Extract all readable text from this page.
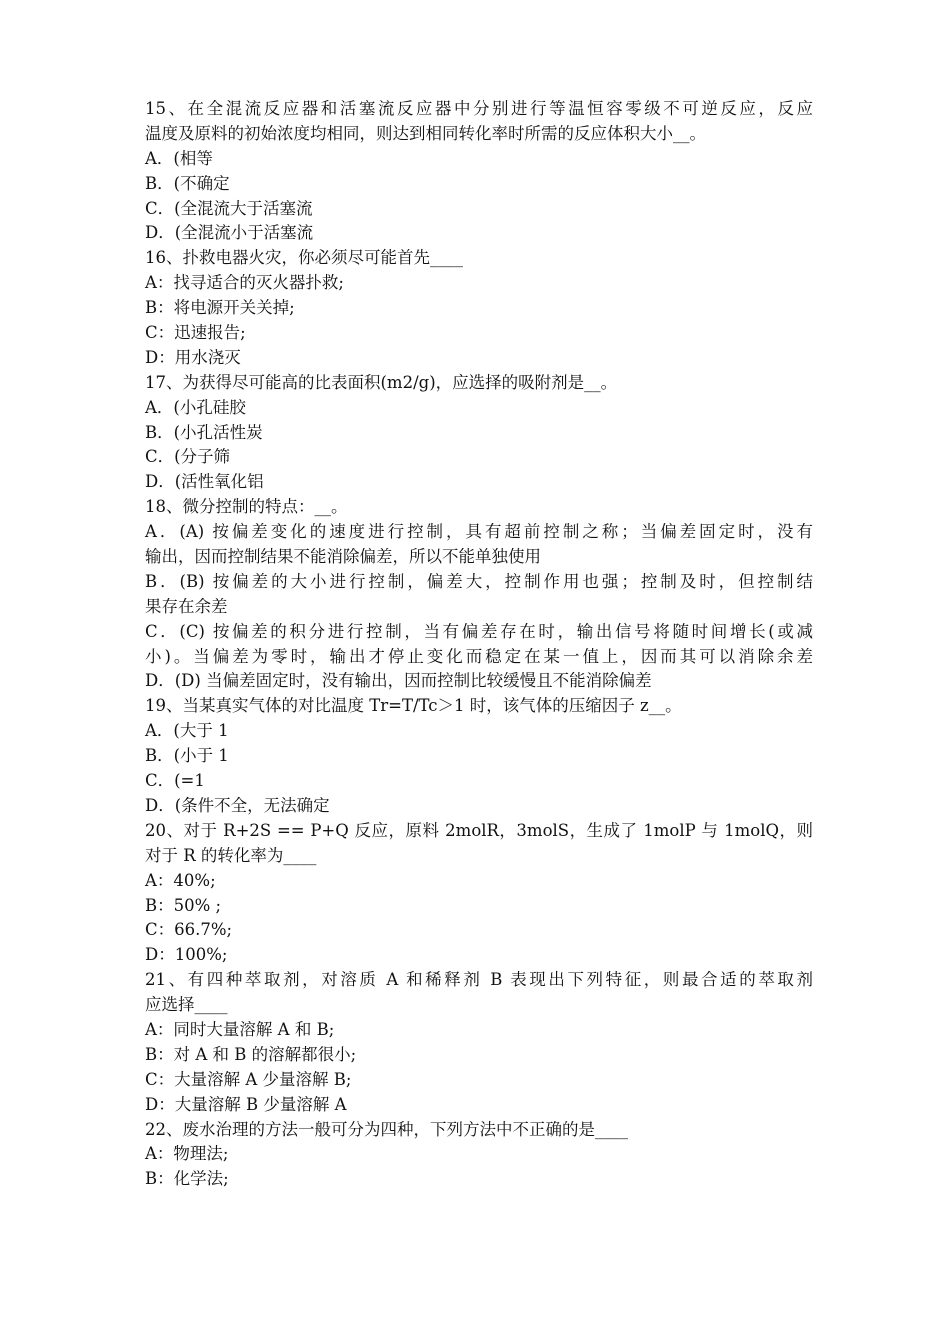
15、在全混流反应器和活塞流反应器中分别进行等温恒容零级不可逆反应，反应
温度及原料的初始浓度均相同，则达到相同转化率时所需的反应体积大小__。
A．(相等
B．(不确定
C．(全混流大于活塞流
D．(全混流小于活塞流
16、扑救电器火灾，你必须尽可能首先____
A：找寻适合的灭火器扑救;
B：将电源开关关掉;
C：迅速报告;
D：用水浇灭
17、为获得尽可能高的比表面积(m2/g)，应选择的吸附剂是__。
A．(小孔硅胶
B．(小孔活性炭
C．(分子筛
D．(活性氧化铝
18、微分控制的特点：__。
A．(A) 按偏差变化的速度进行控制，具有超前控制之称；当偏差固定时，没有
输出，因而控制结果不能消除偏差，所以不能单独使用
B．(B) 按偏差的大小进行控制，偏差大，控制作用也强；控制及时，但控制结
果存在余差
C．(C) 按偏差的积分进行控制，当有偏差存在时，输出信号将随时间增长(或减
小)。当偏差为零时，输出才停止变化而稳定在某一值上，因而其可以消除余差
D．(D) 当偏差固定时，没有输出，因而控制比较缓慢且不能消除偏差
19、当某真实气体的对比温度 Tr=T/Tc＞1 时，该气体的压缩因子 z__。
A．(大于 1
B．(小于 1
C．(=1
D．(条件不全，无法确定
20、对于 R+2S == P+Q 反应，原料 2molR，3molS，生成了 1molP 与 1molQ，则
对于 R 的转化率为____
A：40%;
B：50% ;
C：66.7%;
D：100%;
21、有四种萃取剂，对溶质 A 和稀释剂 B 表现出下列特征，则最合适的萃取剂
应选择____
A：同时大量溶解 A 和 B;
B：对 A 和 B 的溶解都很小;
C：大量溶解 A 少量溶解 B;
D：大量溶解 B 少量溶解 A
22、废水治理的方法一般可分为四种，下列方法中不正确的是____
A：物理法;
B：化学法;
